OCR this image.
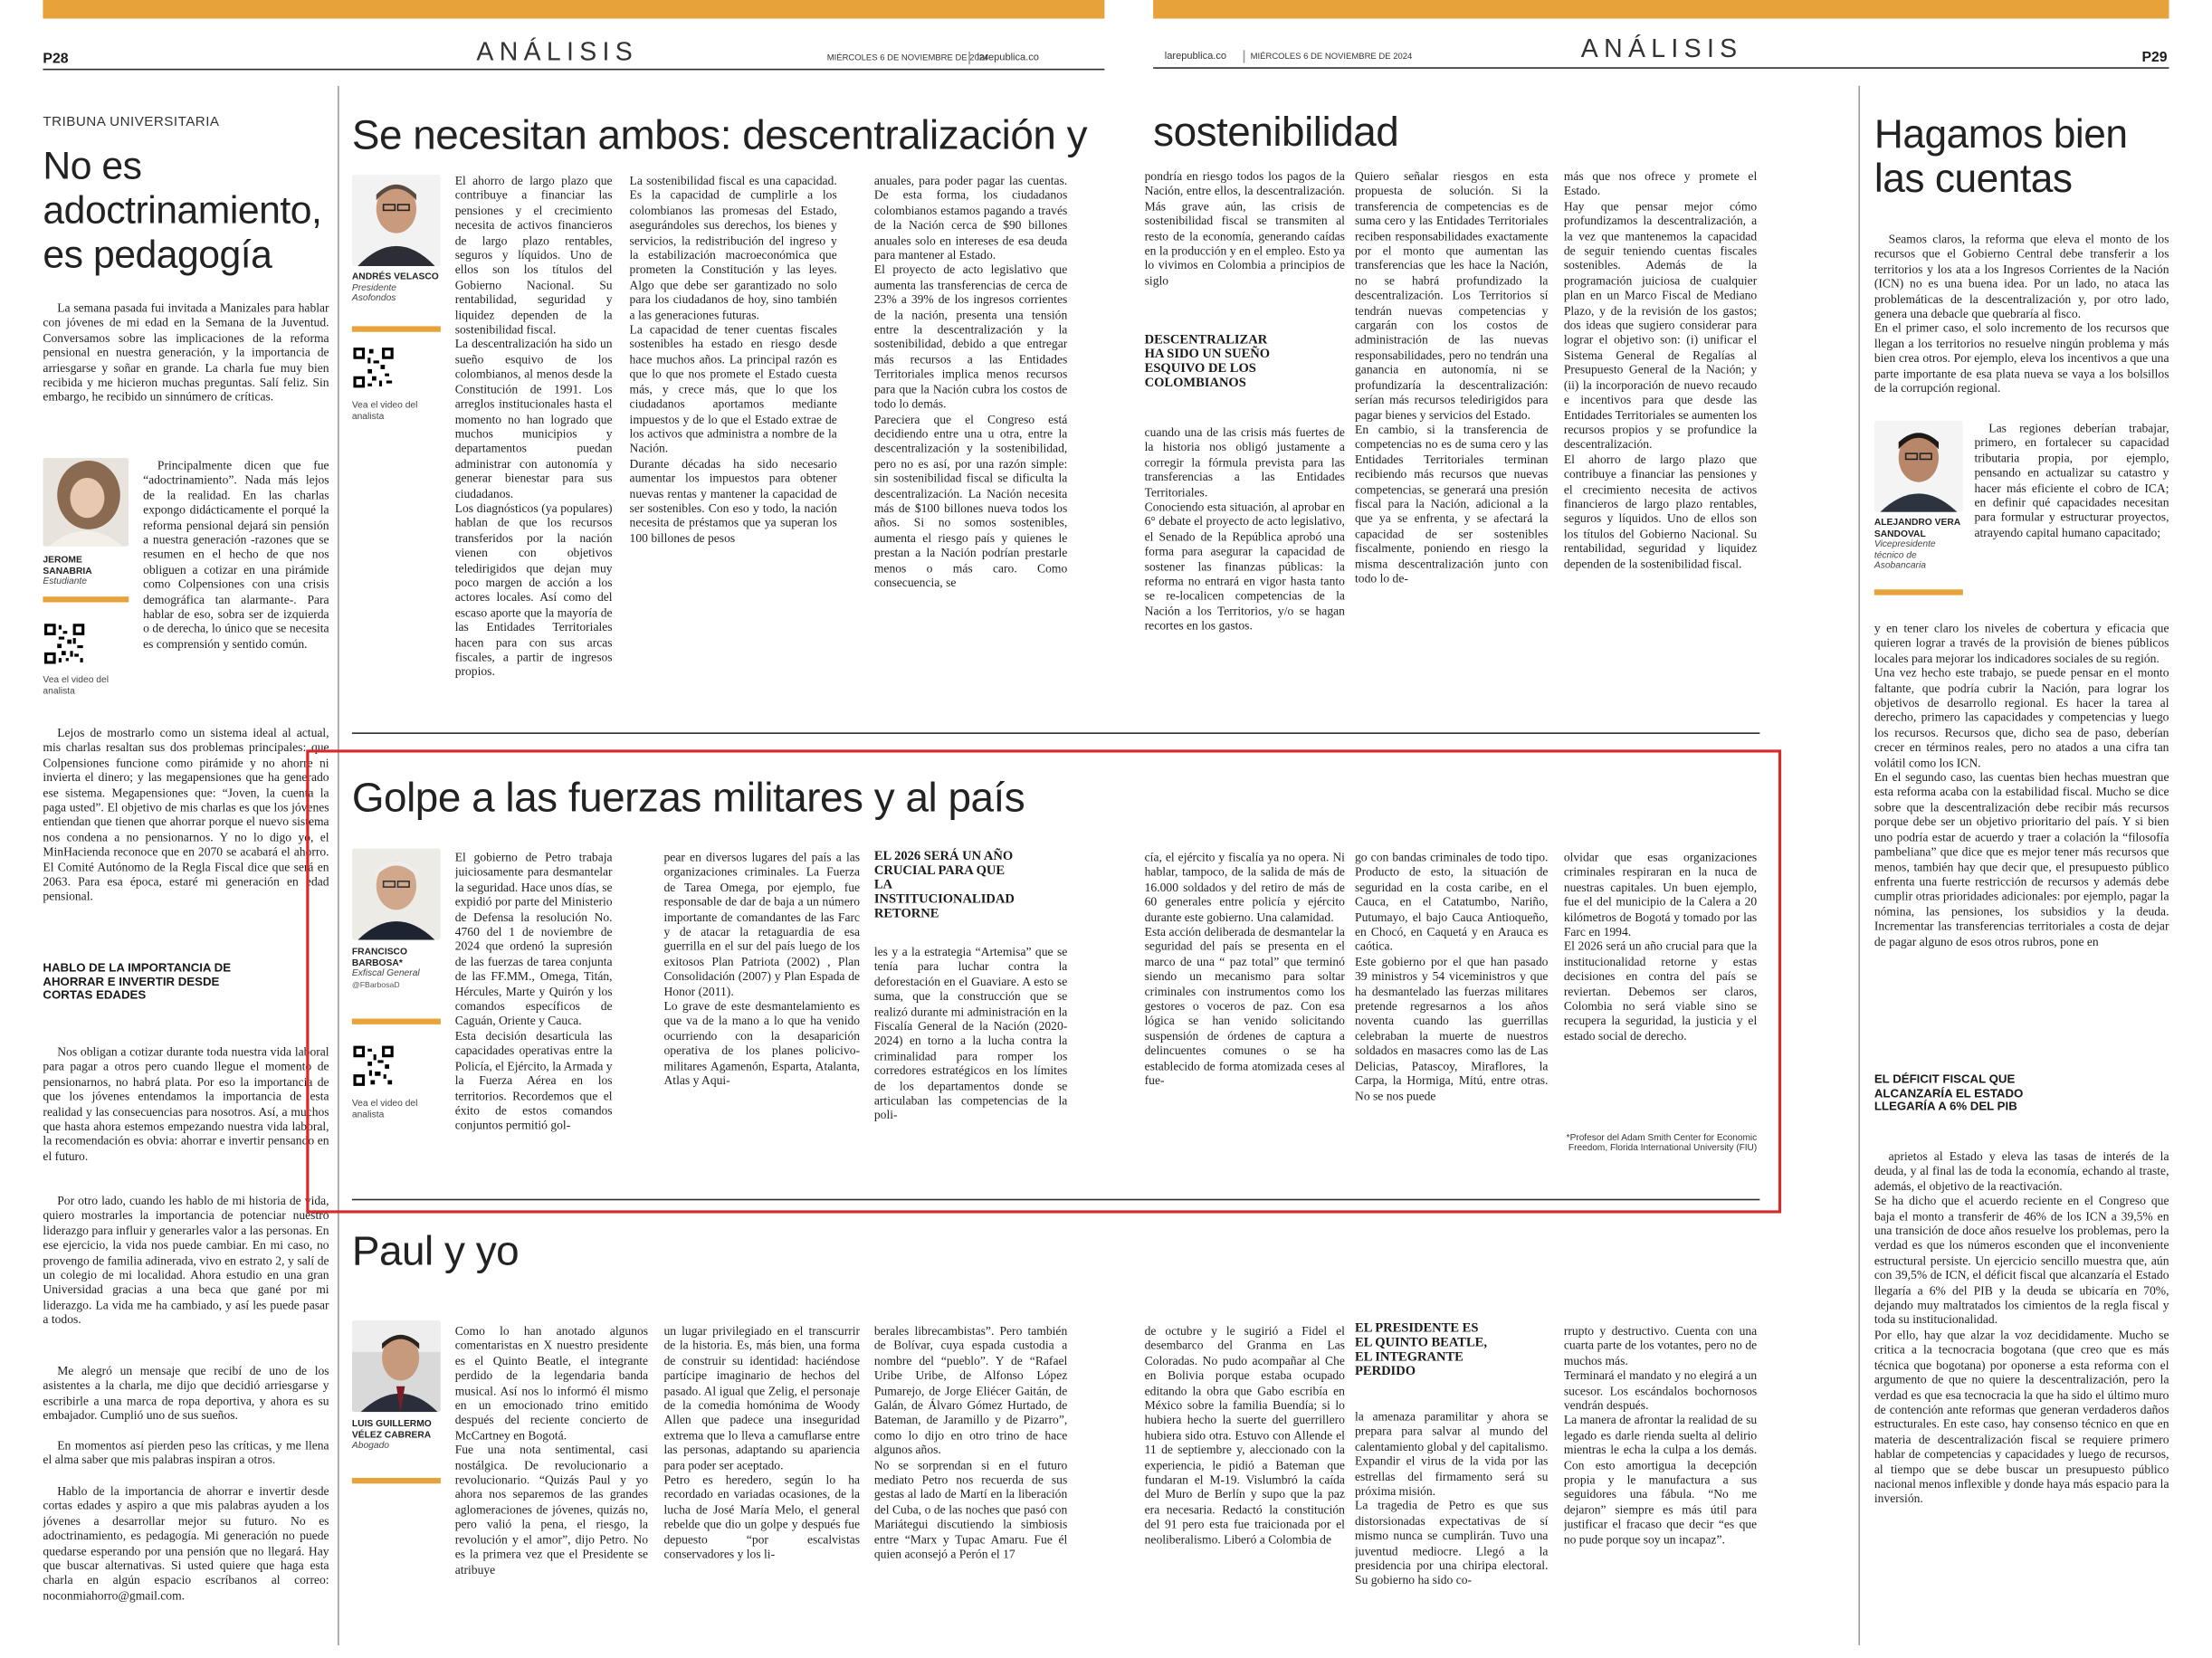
P28	ANÁLISIS	MIÉRCOLES 6 DE NOVIEMBRE DE 2024
larepublica.co	larepublica.co	MIÉRCOLES 6 DE NOVIEMBRE DE 2024	ANÁLISIS	P29
TRIBUNA UNIVERSITARIA
No es
adoctrinamiento,
es pedagogía
La semana pasada fui invitada a Manizales para hablar con jóvenes de mi edad en la Semana de la Juventud. Conversamos sobre las implicaciones de la reforma pensional en nuestra generación, y la importancia de arriesgarse y soñar en grande. La charla fue muy bien recibida y me hicieron muchas preguntas. Salí feliz. Sin embargo, he recibido un sinnúmero de críticas.
JEROME SANABRIA
Estudiante
Vea el video del analista
Principalmente dicen que fue “adoctrinamiento”. Nada más lejos de la realidad. En las charlas expongo didácticamente el porqué la reforma pensional dejará sin pensión a nuestra generación -razones que se resumen en el hecho de que nos obliguen a cotizar en una pirámide como Colpensiones con una crisis demográfica tan alarmante-. Para hablar de eso, sobra ser de izquierda o de derecha, lo único que se necesita es comprensión y sentido común.
Lejos de mostrarlo como un sistema ideal al actual, mis charlas resaltan sus dos problemas principales: que Colpensiones funcione como pirámide y no ahorre ni invierta el dinero; y las megapensiones que ha generado ese sistema. Megapensiones que: “Joven, la cuenta la paga usted”. El objetivo de mis charlas es que los jóvenes entiendan que tienen que ahorrar porque el nuevo sistema nos condena a no pensionarnos. Y no lo digo yo, el MinHacienda reconoce que en 2070 se acabará el ahorro. El Comité Autónomo de la Regla Fiscal dice que será en 2063. Para esa época, estaré mi generación en edad pensional.
HABLO DE LA IMPORTANCIA DE AHORRAR E INVERTIR DESDE CORTAS EDADES
Nos obligan a cotizar durante toda nuestra vida laboral para pagar a otros pero cuando llegue el momento de pensionarnos, no habrá plata. Por eso la importancia de que los jóvenes entendamos la importancia de esta realidad y las consecuencias para nosotros. Así, a muchos que hasta ahora estemos empezando nuestra vida laboral, la recomendación es obvia: ahorrar e invertir pensando en el futuro.
Por otro lado, cuando les hablo de mi historia de vida, quiero mostrarles la importancia de potenciar nuestro liderazgo para influir y generarles valor a las personas. En ese ejercicio, la vida nos puede cambiar. En mi caso, no provengo de familia adinerada, vivo en estrato 2, y salí de un colegio de mi localidad. Ahora estudio en una gran Universidad gracias a una beca que gané por mi liderazgo. La vida me ha cambiado, y así les puede pasar a todos.
Me alegró un mensaje que recibí de uno de los asistentes a la charla, me dijo que decidió arriesgarse y escribirle a una marca de ropa deportiva, y ahora es su embajador. Cumplió uno de sus sueños.
En momentos así pierden peso las críticas, y me llena el alma saber que mis palabras inspiran a otros.
Hablo de la importancia de ahorrar e invertir desde cortas edades y aspiro a que mis palabras ayuden a los jóvenes a desarrollar mejor su futuro. No es adoctrinamiento, es pedagogía. Mi generación no puede quedarse esperando por una pensión que no llegará. Hay que buscar alternativas. Si usted quiere que haga esta charla en algún espacio escríbanos al correo: noconmiahorro@gmail.com.
Se necesitan ambos: descentralización y	sostenibilidad
ANDRÉS VELASCO
Presidente Asofondos
Vea el video del analista
El ahorro de largo plazo que contribuye a financiar las pensiones y el crecimiento necesita de activos financieros de largo plazo rentables, seguros y líquidos. Uno de ellos son los títulos del Gobierno Nacional. Su rentabilidad, seguridad y liquidez dependen de la sostenibilidad fiscal.
La descentralización ha sido un sueño esquivo de los colombianos, al menos desde la Constitución de 1991. Los arreglos institucionales hasta el momento no han logrado que muchos municipios y departamentos puedan administrar con autonomía y generar bienestar para sus ciudadanos.
Los diagnósticos (ya populares) hablan de que los recursos transferidos por la nación vienen con objetivos teledirigidos que dejan muy poco margen de acción a los actores locales. Así como del escaso aporte que la mayoría de las Entidades Territoriales hacen para con sus arcas fiscales, a partir de ingresos propios.
La sostenibilidad fiscal es una capacidad. Es la capacidad de cumplirle a los colombianos las promesas del Estado, asegurándoles sus derechos, los bienes y servicios, la redistribución del ingreso y la estabilización macroeconómica que prometen la Constitución y las leyes. Algo que debe ser garantizado no solo para los ciudadanos de hoy, sino también a las generaciones futuras.
La capacidad de tener cuentas fiscales sostenibles ha estado en riesgo desde hace muchos años. La principal razón es que lo que nos promete el Estado cuesta más, y crece más, que lo que los ciudadanos aportamos mediante impuestos y de lo que el Estado extrae de los activos que administra a nombre de la Nación.
Durante décadas ha sido necesario aumentar los impuestos para obtener nuevas rentas y mantener la capacidad de ser sostenibles. Con eso y todo, la nación necesita de préstamos que ya superan los 100 billones de pesos
anuales, para poder pagar las cuentas. De esta forma, los ciudadanos colombianos estamos pagando a través de la Nación cerca de $90 billones anuales solo en intereses de esa deuda para mantener al Estado.
El proyecto de acto legislativo que aumenta las transferencias de cerca de 23% a 39% de los ingresos corrientes de la nación, presenta una tensión entre la descentralización y la sostenibilidad, debido a que entregar más recursos a las Entidades Territoriales implica menos recursos para que la Nación cubra los costos de todo lo demás.
Pareciera que el Congreso está decidiendo entre una u otra, entre la descentralización y la sostenibilidad, pero no es así, por una razón simple: sin sostenibilidad fiscal se dificulta la descentralización. La Nación necesita más de $100 billones nueva todos los años. Si no somos sostenibles, aumenta el riesgo país y quienes le prestan a la Nación podrían prestarle menos o más caro. Como consecuencia, se
pondría en riesgo todos los pagos de la Nación, entre ellos, la descentralización. Más grave aún, las crisis de sostenibilidad fiscal se transmiten al resto de la economía, generando caídas en la producción y en el empleo. Esto ya lo vivimos en Colombia a principios de siglo
DESCENTRALIZAR HA SIDO UN SUEÑO ESQUIVO DE LOS COLOMBIANOS
cuando una de las crisis más fuertes de la historia nos obligó justamente a corregir la fórmula prevista para las transferencias a las Entidades Territoriales.
Conociendo esta situación, al aprobar en 6° debate el proyecto de acto legislativo, el Senado de la República aprobó una forma para asegurar la capacidad de sostener las finanzas públicas: la reforma no entrará en vigor hasta tanto se re-localicen competencias de la Nación a los Territorios, y/o se hagan recortes en los gastos.
Quiero señalar riesgos en esta propuesta de solución. Si la transferencia de competencias es de suma cero y las Entidades Territoriales reciben responsabilidades exactamente por el monto que aumentan las transferencias que les hace la Nación, no se habrá profundizado la descentralización. Los Territorios sí tendrán nuevas competencias y cargarán con los costos de administración de las nuevas responsabilidades, pero no tendrán una ganancia en autonomía, ni se profundizaría la descentralización: serían más recursos teledirigidos para pagar bienes y servicios del Estado.
En cambio, si la transferencia de competencias no es de suma cero y las Entidades Territoriales terminan recibiendo más recursos que nuevas competencias, se generará una presión fiscal para la Nación, adicional a la que ya se enfrenta, y se afectará la capacidad de ser sostenibles fiscalmente, poniendo en riesgo la misma descentralización junto con todo lo de-
más que nos ofrece y promete el Estado.
Hay que pensar mejor cómo profundizamos la descentralización, a la vez que mantenemos la capacidad de seguir teniendo cuentas fiscales sostenibles. Además de la programación juiciosa de cualquier plan en un Marco Fiscal de Mediano Plazo, y de la revisión de los gastos; dos ideas que sugiero considerar para lograr el objetivo son: (i) unificar el Sistema General de Regalías al Presupuesto General de la Nación; y (ii) la incorporación de nuevo recaudo e incentivos para que desde las Entidades Territoriales se aumenten los recursos propios y se profundice la descentralización.
El ahorro de largo plazo que contribuye a financiar las pensiones y el crecimiento necesita de activos financieros de largo plazo rentables, seguros y líquidos. Uno de ellos son los títulos del Gobierno Nacional. Su rentabilidad, seguridad y liquidez dependen de la sostenibilidad fiscal.
Golpe a las fuerzas militares y al país
FRANCISCO BARBOSA*
Exfiscal General
@FBarbosaD
Vea el video del analista
El gobierno de Petro trabaja juiciosamente para desmantelar la seguridad. Hace unos días, se expidió por parte del Ministerio de Defensa la resolución No. 4760 del 1 de noviembre de 2024 que ordenó la supresión de las fuerzas de tarea conjunta de las FF.MM., Omega, Titán, Hércules, Marte y Quirón y los comandos específicos de Caguán, Oriente y Cauca.
Esta decisión desarticula las capacidades operativas entre la Policía, el Ejército, la Armada y la Fuerza Aérea en los territorios. Recordemos que el éxito de estos comandos conjuntos permitió gol-
pear en diversos lugares del país a las organizaciones criminales. La Fuerza de Tarea Omega, por ejemplo, fue responsable de dar de baja a un número importante de comandantes de las Farc y de atacar la retaguardia de esa guerrilla en el sur del país luego de los exitosos Plan Patriota (2002) , Plan Consolidación (2007) y Plan Espada de Honor (2011).
Lo grave de este desmantelamiento es que va de la mano a lo que ha venido ocurriendo con la desaparición operativa de los planes policivo-militares Agamenón, Esparta, Atalanta, Atlas y Aqui-
EL 2026 SERÁ UN AÑO CRUCIAL PARA QUE LA INSTITUCIONALIDAD RETORNE
les y a la estrategia “Artemisa” que se tenía para luchar contra la deforestación en el Guaviare. A esto se suma, que la construcción que se realizó durante mi administración en la Fiscalía General de la Nación (2020-2024) en torno a la lucha contra la criminalidad para romper los corredores estratégicos en los límites de los departamentos donde se articulaban las competencias de la poli-
cía, el ejército y fiscalía ya no opera. Ni hablar, tampoco, de la salida de más de 16.000 soldados y del retiro de más de 60 generales entre policía y ejército durante este gobierno. Una calamidad.
Esta acción deliberada de desmantelar la seguridad del país se presenta en el marco de una “ paz total” que terminó siendo un mecanismo para soltar criminales con instrumentos como los gestores o voceros de paz. Con esa lógica se han venido solicitando suspensión de órdenes de captura a delincuentes comunes o se ha establecido de forma atomizada ceses al fue-
go con bandas criminales de todo tipo. Producto de esto, la situación de seguridad en la costa caribe, en el Cauca, en el Catatumbo, Nariño, Putumayo, el bajo Cauca Antioqueño, en Chocó, en Caquetá y en Arauca es caótica.
Este gobierno por el que han pasado 39 ministros y 54 viceministros y que ha desmantelado las fuerzas militares pretende regresarnos a los años noventa cuando las guerrillas celebraban la muerte de nuestros soldados en masacres como las de Las Delicias, Patascoy, Miraflores, la Carpa, la Hormiga, Mitú, entre otras. No se nos puede
olvidar que esas organizaciones criminales respiraran en la nuca de nuestras capitales. Un buen ejemplo, fue el del municipio de la Calera a 20 kilómetros de Bogotá y tomado por las Farc en 1994.
El 2026 será un año crucial para que la institucionalidad retorne y estas decisiones en contra del país se reviertan. Debemos ser claros, Colombia no será viable sino se recupera la seguridad, la justicia y el estado social de derecho.
*Profesor del Adam Smith Center for Economic Freedom, Florida International University (FIU)
Paul y yo
LUIS GUILLERMO VÉLEZ CABRERA
Abogado
Como lo han anotado algunos comentaristas en X nuestro presidente es el Quinto Beatle, el integrante perdido de la legendaria banda musical. Así nos lo informó él mismo en un emocionado trino emitido después del reciente concierto de McCartney en Bogotá.
Fue una nota sentimental, casi nostálgica. De revolucionario a revolucionario. “Quizás Paul y yo ahora nos separemos de las grandes aglomeraciones de jóvenes, quizás no, pero valió la pena, el riesgo, la revolución y el amor”, dijo Petro. No es la primera vez que el Presidente se atribuye
un lugar privilegiado en el transcurrir de la historia. Es, más bien, una forma de construir su identidad: haciéndose partícipe imaginario de hechos del pasado. Al igual que Zelig, el personaje de la comedia homónima de Woody Allen que padece una inseguridad extrema que lo lleva a camuflarse entre las personas, adaptando su apariencia para poder ser aceptado.
Petro es heredero, según lo ha recordado en variadas ocasiones, de la lucha de José María Melo, el general rebelde que dio un golpe y después fue depuesto “por escalvistas conservadores y los li-
berales librecambistas”. Pero también de Bolívar, cuya espada custodia a nombre del “pueblo”. Y de “Rafael Uribe Uribe, de Alfonso López Pumarejo, de Jorge Eliécer Gaitán, de Galán, de Álvaro Gómez Hurtado, de Bateman, de Jaramillo y de Pizarro”, como lo dijo en otro trino de hace algunos años.
No se sorprendan si en el futuro mediato Petro nos recuerda de sus gestas al lado de Martí en la liberación del Cuba, o de las noches que pasó con Mariátegui discutiendo la simbiosis entre “Marx y Tupac Amaru. Fue él quien aconsejó a Perón el 17
de octubre y le sugirió a Fidel el desembarco del Granma en Las Coloradas. No pudo acompañar al Che en Bolivia porque estaba ocupado editando la obra que Gabo escribía en México sobre la familia Buendía; si lo hubiera hecho la suerte del guerrillero hubiera sido otra. Estuvo con Allende el 11 de septiembre y, aleccionado con la experiencia, le pidió a Bateman que fundaran el M-19. Vislumbró la caída del Muro de Berlín y supo que la paz era necesaria. Redactó la constitución del 91 pero esta fue traicionada por el neoliberalismo. Liberó a Colombia de
EL PRESIDENTE ES EL QUINTO BEATLE, EL INTEGRANTE PERDIDO
la amenaza paramilitar y ahora se prepara para salvar al mundo del calentamiento global y del capitalismo. Expandir el virus de la vida por las estrellas del firmamento será su próxima misión.
La tragedia de Petro es que sus distorsionadas expectativas de sí mismo nunca se cumplirán. Tuvo una juventud mediocre. Llegó a la presidencia por una chiripa electoral. Su gobierno ha sido co-
rrupto y destructivo. Cuenta con una cuarta parte de los votantes, pero no de muchos más.
Terminará el mandato y no elegirá a un sucesor. Los escándalos bochornosos vendrán después.
La manera de afrontar la realidad de su legado es darle rienda suelta al delirio mientras le echa la culpa a los demás. Con esto amortigua la decepción propia y le manufactura a sus seguidores una fábula. “No me dejaron” siempre es más útil para justificar el fracaso que decir “es que no pude porque soy un incapaz”.
Hagamos bien
las cuentas
Seamos claros, la reforma que eleva el monto de los recursos que el Gobierno Central debe transferir a los territorios y los ata a los Ingresos Corrientes de la Nación (ICN) no es una buena idea. Por un lado, no ataca las problemáticas de la descentralización y, por otro lado, genera una debacle que quebraría al fisco.
En el primer caso, el solo incremento de los recursos que llegan a los territorios no resuelve ningún problema y más bien crea otros. Por ejemplo, eleva los incentivos a que una parte importante de esa plata nueva se vaya a los bolsillos de la corrupción regional.
ALEJANDRO VERA SANDOVAL
Vicepresidente técnico de Asobancaria
Las regiones deberían trabajar, primero, en fortalecer su capacidad tributaria propia, por ejemplo, pensando en actualizar su catastro y hacer más eficiente el cobro de ICA; en definir qué capacidades necesitan para formular y estructurar proyectos, atrayendo capital humano capacitado;
y en tener claro los niveles de cobertura y eficacia que quieren lograr a través de la provisión de bienes públicos locales para mejorar los indicadores sociales de su región.
Una vez hecho este trabajo, se puede pensar en el monto faltante, que podría cubrir la Nación, para lograr los objetivos de desarrollo regional. Es hacer la tarea al derecho, primero las capacidades y competencias y luego los recursos. Recursos que, dicho sea de paso, deberían crecer en términos reales, pero no atados a una cifra tan volátil como los ICN.
En el segundo caso, las cuentas bien hechas muestran que esta reforma acaba con la estabilidad fiscal. Mucho se dice sobre que la descentralización debe recibir más recursos porque debe ser un objetivo prioritario del país. Y si bien uno podría estar de acuerdo y traer a colación la “filosofía pambeliana” que dice que es mejor tener más recursos que menos, también hay que decir que, el presupuesto público enfrenta una fuerte restricción de recursos y además debe cumplir otras prioridades adicionales: por ejemplo, pagar la nómina, las pensiones, los subsidios y la deuda. Incrementar las transferencias territoriales a costa de dejar de pagar alguno de esos otros rubros, pone en
EL DÉFICIT FISCAL QUE ALCANZARÍA EL ESTADO LLEGARÍA A 6% DEL PIB
aprietos al Estado y eleva las tasas de interés de la deuda, y al final las de toda la economía, echando al traste, además, el objetivo de la reactivación.
Se ha dicho que el acuerdo reciente en el Congreso que baja el monto a transferir de 46% de los ICN a 39,5% en una transición de doce años resuelve los problemas, pero la verdad es que los números esconden que el inconveniente estructural persiste. Un ejercicio sencillo muestra que, aún con 39,5% de ICN, el déficit fiscal que alcanzaría el Estado llegaría a 6% del PIB y la deuda se ubicaría en 70%, dejando muy maltratados los cimientos de la regla fiscal y toda su institucionalidad.
Por ello, hay que alzar la voz decididamente. Mucho se critica a la tecnocracia bogotana (que creo que es más técnica que bogotana) por oponerse a esta reforma con el argumento de que no quiere la descentralización, pero la verdad es que esa tecnocracia la que ha sido el último muro de contención ante reformas que generan verdaderos daños estructurales. En este caso, hay consenso técnico en que en materia de descentralización fiscal se requiere primero hablar de competencias y capacidades y luego de recursos, al tiempo que se debe buscar un presupuesto público nacional menos inflexible y donde haya más espacio para la inversión.
